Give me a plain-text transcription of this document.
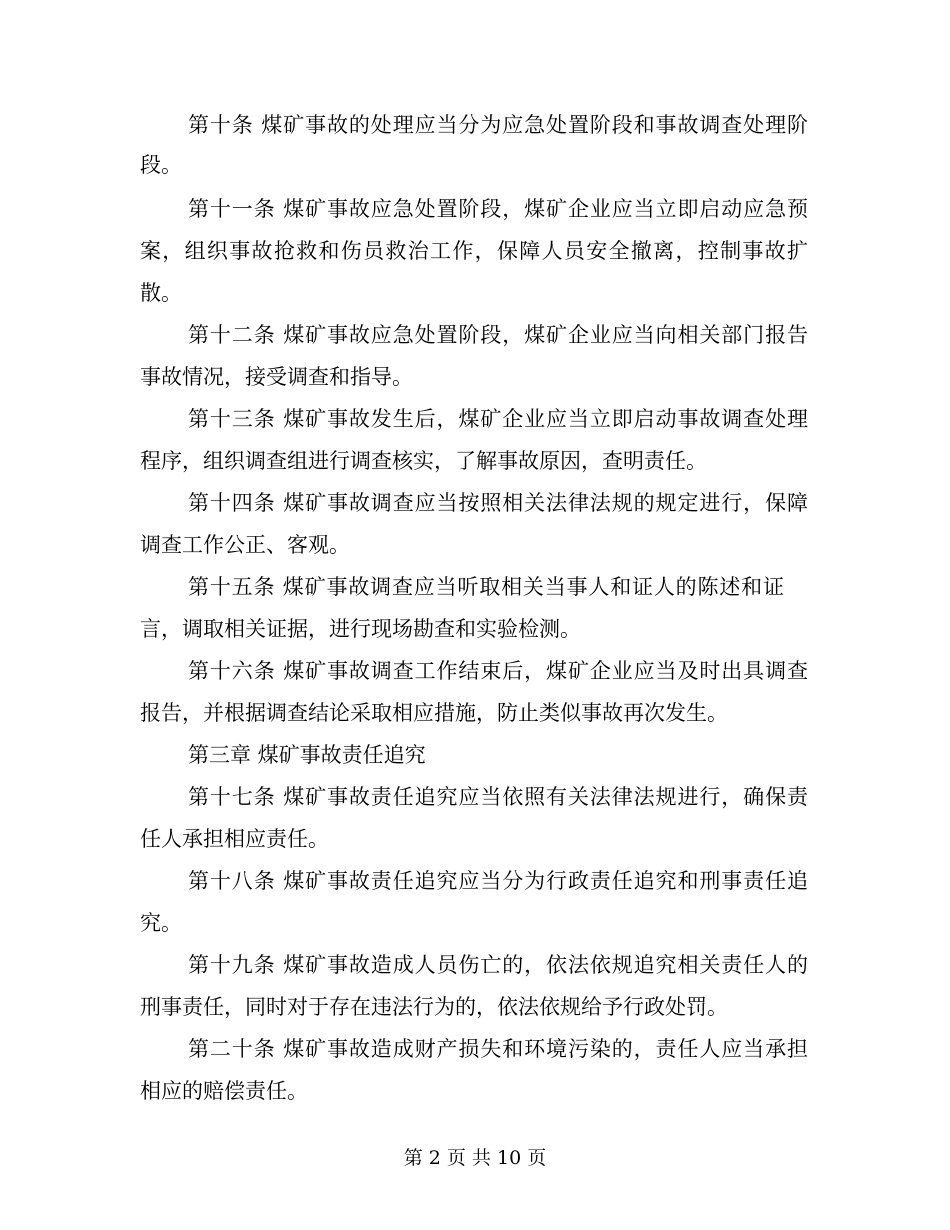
第十条 煤矿事故的处理应当分为应急处置阶段和事故调查处理阶
段。
第十一条 煤矿事故应急处置阶段，煤矿企业应当立即启动应急预
案，组织事故抢救和伤员救治工作，保障人员安全撤离，控制事故扩
散。
第十二条 煤矿事故应急处置阶段，煤矿企业应当向相关部门报告
事故情况，接受调查和指导。
第十三条 煤矿事故发生后，煤矿企业应当立即启动事故调查处理
程序，组织调查组进行调查核实，了解事故原因，查明责任。
第十四条 煤矿事故调查应当按照相关法律法规的规定进行，保障
调查工作公正、客观。
第十五条 煤矿事故调查应当听取相关当事人和证人的陈述和证
言，调取相关证据，进行现场勘查和实验检测。
第十六条 煤矿事故调查工作结束后，煤矿企业应当及时出具调查
报告，并根据调查结论采取相应措施，防止类似事故再次发生。
第三章 煤矿事故责任追究
第十七条 煤矿事故责任追究应当依照有关法律法规进行，确保责
任人承担相应责任。
第十八条 煤矿事故责任追究应当分为行政责任追究和刑事责任追
究。
第十九条 煤矿事故造成人员伤亡的，依法依规追究相关责任人的
刑事责任，同时对于存在违法行为的，依法依规给予行政处罚。
第二十条 煤矿事故造成财产损失和环境污染的，责任人应当承担
相应的赔偿责任。
第 2 页 共 10 页
